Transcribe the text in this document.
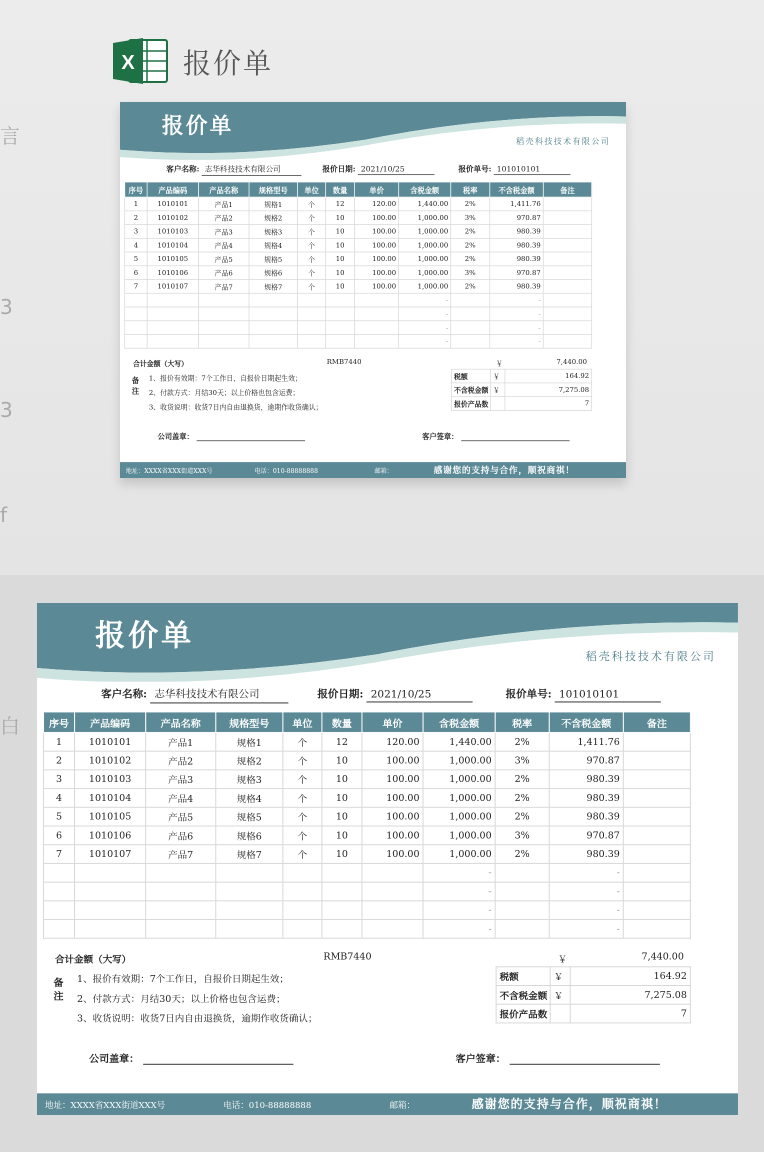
言
3
3
f
白
X 报价单
报价单
稻壳科技技术有限公司
客户名称: 志华科技技术有限公司	报价日期: 2021/10/25	报价单号: 101010101
序号	产品编码	产品名称	规格型号	单位	数量	单价	含税金额	税率	不含税金额	备注
1	1010101	产品1	规格1	个	12	120.00	1,440.00	2%	1,411.76	
2	1010102	产品2	规格2	个	10	100.00	1,000.00	3%	970.87	
3	1010103	产品3	规格3	个	10	100.00	1,000.00	2%	980.39	
4	1010104	产品4	规格4	个	10	100.00	1,000.00	2%	980.39	
5	1010105	产品5	规格5	个	10	100.00	1,000.00	2%	980.39	
6	1010106	产品6	规格6	个	10	100.00	1,000.00	3%	970.87	
7	1010107	产品7	规格7	个	10	100.00	1,000.00	2%	980.39	
							-		-	
							-		-	
							-		-	
							-		-	
合计金额（大写）	RMB7440	￥	7,440.00
备注 1、报价有效期：7个工作日，自报价日期起生效；
2、付款方式：月结30天；以上价格也包含运费；
3、收货说明：收货7日内自由退换货，逾期作收货确认；
税额	￥	164.92
不含税金额	￥	7,275.08
报价产品数		7
公司盖章：	客户签章：
地址：XXXX省XXX街道XXX号	电话：010-88888888	邮箱：	感谢您的支持与合作，顺祝商祺！
报价单
稻壳科技技术有限公司
客户名称: 志华科技技术有限公司	报价日期: 2021/10/25	报价单号: 101010101
序号	产品编码	产品名称	规格型号	单位	数量	单价	含税金额	税率	不含税金额	备注
1	1010101	产品1	规格1	个	12	120.00	1,440.00	2%	1,411.76	
2	1010102	产品2	规格2	个	10	100.00	1,000.00	3%	970.87	
3	1010103	产品3	规格3	个	10	100.00	1,000.00	2%	980.39	
4	1010104	产品4	规格4	个	10	100.00	1,000.00	2%	980.39	
5	1010105	产品5	规格5	个	10	100.00	1,000.00	2%	980.39	
6	1010106	产品6	规格6	个	10	100.00	1,000.00	3%	970.87	
7	1010107	产品7	规格7	个	10	100.00	1,000.00	2%	980.39	
							-		-	
							-		-	
							-		-	
							-		-	
合计金额（大写）	RMB7440	￥	7,440.00
备注 1、报价有效期：7个工作日，自报价日期起生效；
2、付款方式：月结30天；以上价格也包含运费；
3、收货说明：收货7日内自由退换货，逾期作收货确认；
税额	￥	164.92
不含税金额	￥	7,275.08
报价产品数		7
公司盖章：	客户签章：
地址：XXXX省XXX街道XXX号	电话：010-88888888	邮箱：	感谢您的支持与合作，顺祝商祺！
